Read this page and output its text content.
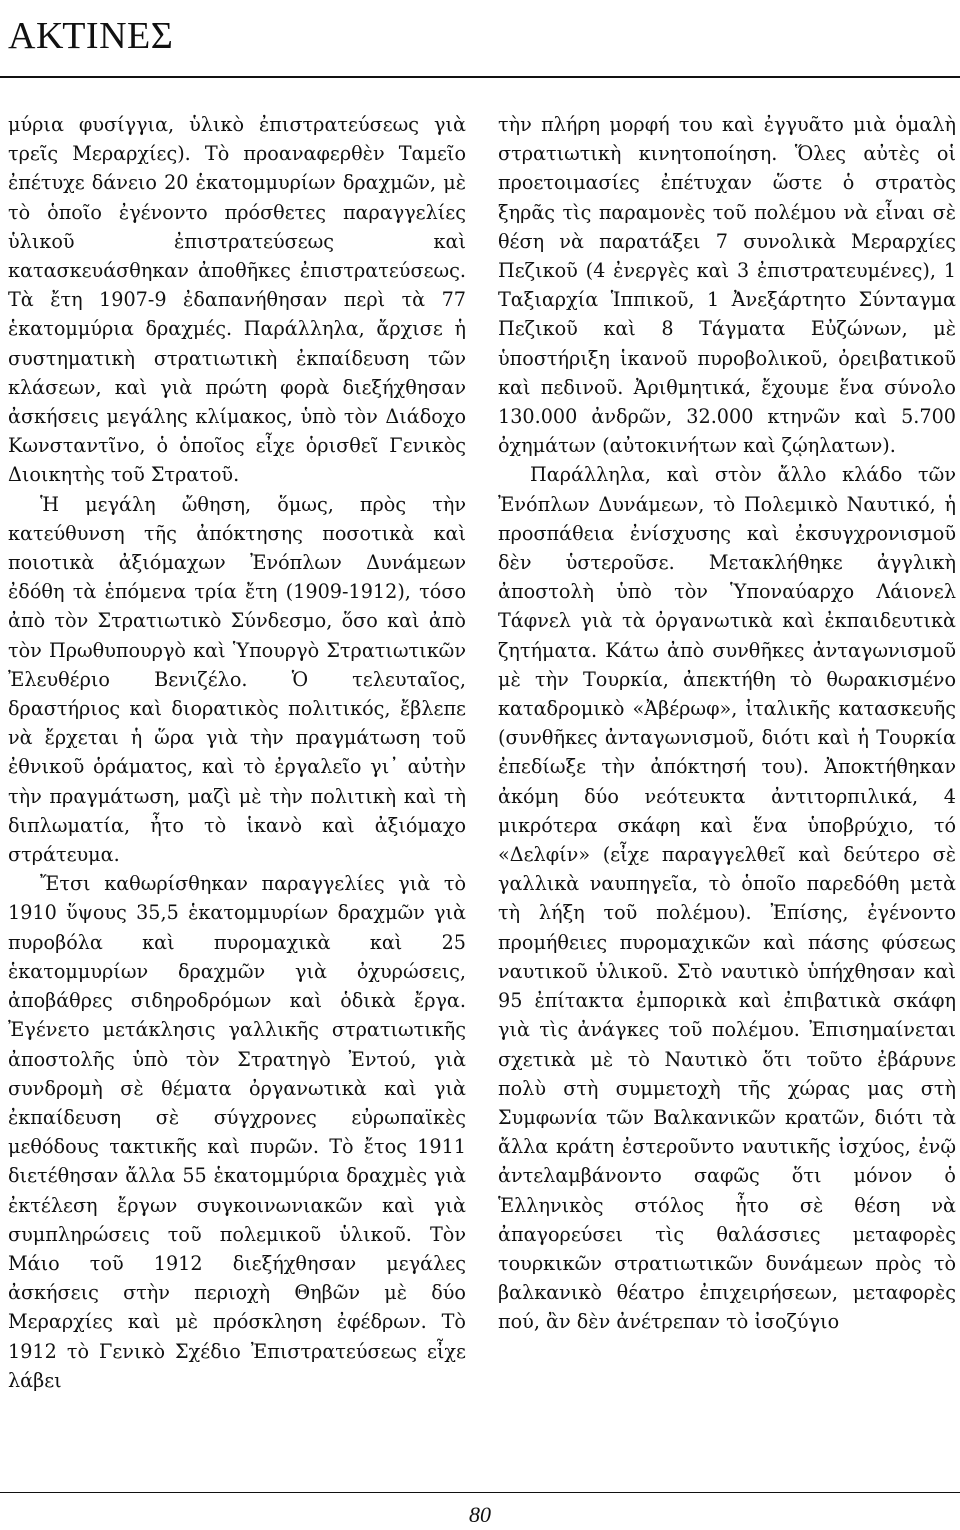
ΑΚΤΙΝΕΣ

μύρια φυσίγγια, ὑλικὸ ἐπιστρατεύσεως γιὰ τρεῖς Μεραρχίες). Τὸ προαναφερθὲν Ταμεῖο ἐπέτυχε δάνειο 20 ἑκατομμυρίων δραχμῶν, μὲ τὸ ὁποῖο ἐγένοντο πρόσθετες παραγγελίες ὑλικοῦ ἐπιστρατεύσεως καὶ κατασκευάσθηκαν ἀποθῆκες ἐπιστρατεύσεως. Τὰ ἔτη 1907-9 ἐδαπανήθησαν περὶ τὰ 77 ἑκατομμύρια δραχμές. Παράλληλα, ἄρχισε ἡ συστηματικὴ στρατιωτικὴ ἐκπαίδευση τῶν κλάσεων, καὶ γιὰ πρώτη φορὰ διεξήχθησαν ἀσκήσεις μεγάλης κλίμακος, ὑπὸ τὸν Διάδοχο Κωνσταντῖνο, ὁ ὁποῖος εἶχε ὁρισθεῖ Γενικὸς Διοικητὴς τοῦ Στρατοῦ.

Ἡ μεγάλη ὤθηση, ὅμως, πρὸς τὴν κατεύθυνση τῆς ἀπόκτησης ποσοτικὰ καὶ ποιοτικὰ ἀξιόμαχων Ἐνόπλων Δυνάμεων ἐδόθη τὰ ἑπόμενα τρία ἔτη (1909-1912), τόσο ἀπὸ τὸν Στρατιωτικὸ Σύνδεσμο, ὅσο καὶ ἀπὸ τὸν Πρωθυπουργὸ καὶ Ὑπουργὸ Στρατιωτικῶν Ἐλευθέριο Βενιζέλο. Ὁ τελευταῖος, δραστήριος καὶ διορατικὸς πολιτικός, ἔβλεπε νὰ ἔρχεται ἡ ὥρα γιὰ τὴν πραγμάτωση τοῦ ἐθνικοῦ ὁράματος, καὶ τὸ ἐργαλεῖο γι᾽ αὐτὴν τὴν πραγμάτωση, μαζὶ μὲ τὴν πολιτικὴ καὶ τὴ διπλωματία, ἦτο τὸ ἱκανὸ καὶ ἀξιόμαχο στράτευμα.

Ἔτσι καθωρίσθηκαν παραγγελίες γιὰ τὸ 1910 ὕψους 35,5 ἑκατομμυρίων δραχμῶν γιὰ πυροβόλα καὶ πυρομαχικὰ καὶ 25 ἑκατομμυρίων δραχμῶν γιὰ ὀχυρώσεις, ἀποβάθρες σιδηροδρόμων καὶ ὁδικὰ ἔργα. Ἐγένετο μετάκλησις γαλλικῆς στρατιωτικῆς ἀποστολῆς ὑπὸ τὸν Στρατηγὸ Ἐντού, γιὰ συνδρομὴ σὲ θέματα ὀργανωτικὰ καὶ γιὰ ἐκπαίδευση σὲ σύγχρονες εὐρωπαϊκὲς μεθόδους τακτικῆς καὶ πυρῶν. Τὸ ἔτος 1911 διετέθησαν ἄλλα 55 ἑκατομμύρια δραχμὲς γιὰ ἐκτέλεση ἔργων συγκοινωνιακῶν καὶ γιὰ συμπληρώσεις τοῦ πολεμικοῦ ὑλικοῦ. Τὸν Μάιο τοῦ 1912 διεξήχθησαν μεγάλες ἀσκήσεις στὴν περιοχὴ Θηβῶν μὲ δύο Μεραρχίες καὶ μὲ πρόσκληση ἐφέδρων. Τὸ 1912 τὸ Γενικὸ Σχέδιο Ἐπιστρατεύσεως εἶχε λάβει

τὴν πλήρη μορφή του καὶ ἐγγυᾶτο μιὰ ὁμαλὴ στρατιωτικὴ κινητοποίηση. Ὅλες αὐτὲς οἱ προετοιμασίες ἐπέτυχαν ὥστε ὁ στρατὸς ξηρᾶς τὶς παραμονὲς τοῦ πολέμου νὰ εἶναι σὲ θέση νὰ παρατάξει 7 συνολικὰ Μεραρχίες Πεζικοῦ (4 ἐνεργὲς καὶ 3 ἐπιστρατευμένες), 1 Ταξιαρχία Ἱππικοῦ, 1 Ἀνεξάρτητο Σύνταγμα Πεζικοῦ καὶ 8 Τάγματα Εὐζώνων, μὲ ὑποστήριξη ἱκανοῦ πυροβολικοῦ, ὀρειβατικοῦ καὶ πεδινοῦ. Ἀριθμητικά, ἔχουμε ἕνα σύνολο 130.000 ἀνδρῶν, 32.000 κτηνῶν καὶ 5.700 ὀχημάτων (αὐτοκινήτων καὶ ζῴηλατων).

Παράλληλα, καὶ στὸν ἄλλο κλάδο τῶν Ἐνόπλων Δυνάμεων, τὸ Πολεμικὸ Ναυτικό, ἡ προσπάθεια ἐνίσχυσης καὶ ἐκσυγχρονισμοῦ δὲν ὑστεροῦσε. Μετακλήθηκε ἀγγλικὴ ἀποστολὴ ὑπὸ τὸν Ὑποναύαρχο Λάιονελ Τάφνελ γιὰ τὰ ὀργανωτικὰ καὶ ἐκπαιδευτικὰ ζητήματα. Κάτω ἀπὸ συνθῆκες ἀνταγωνισμοῦ μὲ τὴν Τουρκία, ἀπεκτήθη τὸ θωρακισμένο καταδρομικὸ «Ἀβέρωφ», ἰταλικῆς κατασκευῆς (συνθῆκες ἀνταγωνισμοῦ, διότι καὶ ἡ Τουρκία ἐπεδίωξε τὴν ἀπόκτησή του). Ἀποκτήθηκαν ἀκόμη δύο νεότευκτα ἀντιτορπιλικά, 4 μικρότερα σκάφη καὶ ἕνα ὑποβρύχιο, τό «Δελφίν» (εἶχε παραγγελθεῖ καὶ δεύτερο σὲ γαλλικὰ ναυπηγεῖα, τὸ ὁποῖο παρεδόθη μετὰ τὴ λήξη τοῦ πολέμου). Ἐπίσης, ἐγένοντο προμήθειες πυρομαχικῶν καὶ πάσης φύσεως ναυτικοῦ ὑλικοῦ. Στὸ ναυτικὸ ὑπήχθησαν καὶ 95 ἐπίτακτα ἐμπορικὰ καὶ ἐπιβατικὰ σκάφη γιὰ τὶς ἀνάγκες τοῦ πολέμου. Ἐπισημαίνεται σχετικὰ μὲ τὸ Ναυτικὸ ὅτι τοῦτο ἐβάρυνε πολὺ στὴ συμμετοχὴ τῆς χώρας μας στὴ Συμφωνία τῶν Βαλκανικῶν κρατῶν, διότι τὰ ἄλλα κράτη ἐστεροῦντο ναυτικῆς ἰσχύος, ἐνῷ ἀντελαμβάνοντο σαφῶς ὅτι μόνον ὁ Ἑλληνικὸς στόλος ἦτο σὲ θέση νὰ ἀπαγορεύσει τὶς θαλάσσιες μεταφορὲς τουρκικῶν στρατιωτικῶν δυνάμεων πρὸς τὸ βαλκανικὸ θέατρο ἐπιχειρήσεων, μεταφορὲς πού, ἂν δὲν ἀνέτρεπαν τὸ ἰσοζύγιο

80
